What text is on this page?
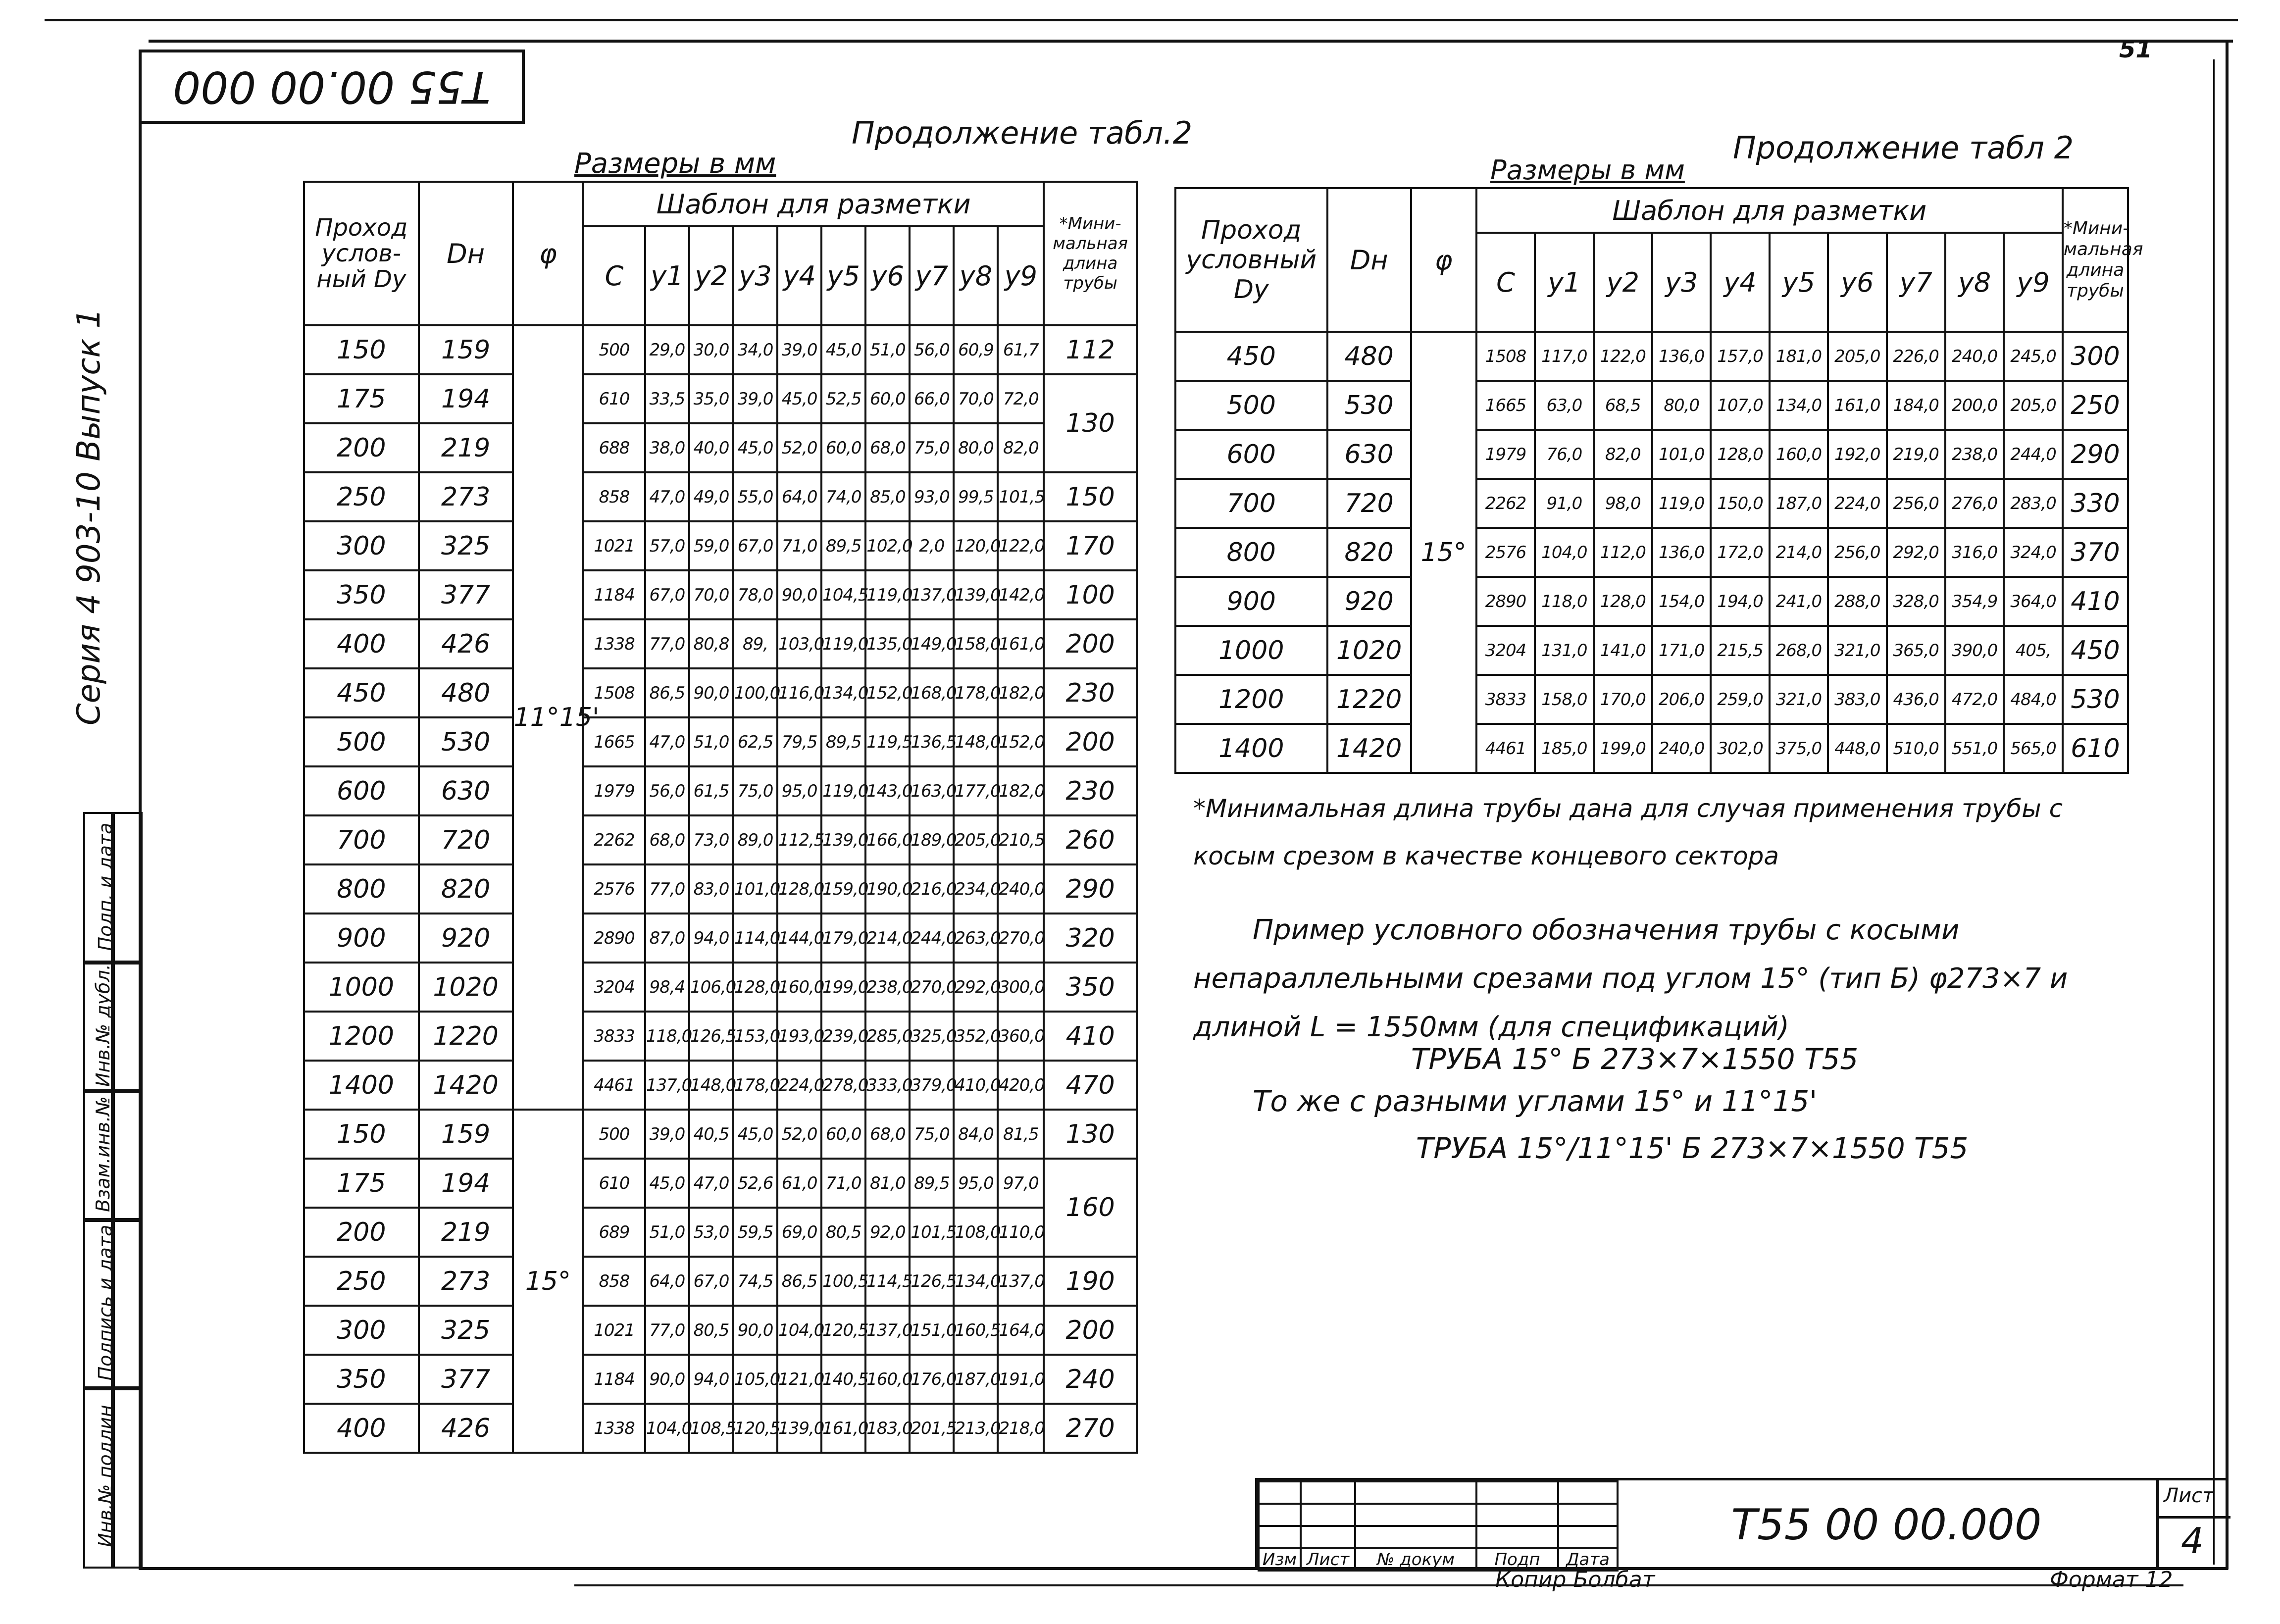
51
Т55 00.00 000
Серия 4 903-10 Выпуск 1
Подп. и дата
Инв.№ дубл.
Взам.инв.№
Подпись и дата
Инв.№ подлин
Продолжение табл.2
Размеры в мм
Проход услов-ный Dy	Dн	φ	Шаблон для разметки										*Мини-мальная длина трубы
			С	y1	y2	y3	y4	y5	y6	y7	y8	y9	
150	159	11°15'	500	29,0	30,0	34,0	39,0	45,0	51,0	56,0	60,9	61,7	112
175	194		610	33,5	35,0	39,0	45,0	52,5	60,0	66,0	70,0	72,0	130
200	219		688	38,0	40,0	45,0	52,0	60,0	68,0	75,0	80,0	82,0	
250	273		858	47,0	49,0	55,0	64,0	74,0	85,0	93,0	99,5	101,5	150
300	325		1021	57,0	59,0	67,0	71,0	89,5	102,0	2,0	120,0	122,0	170
350	377		1184	67,0	70,0	78,0	90,0	104,5	119,0	137,0	139,0	142,0	100
400	426		1338	77,0	80,8	89,	103,0	119,0	135,0	149,0	158,0	161,0	200
450	480		1508	86,5	90,0	100,0	116,0	134,0	152,0	168,0	178,0	182,0	230
500	530		1665	47,0	51,0	62,5	79,5	89,5	119,5	136,5	148,0	152,0	200
600	630		1979	56,0	61,5	75,0	95,0	119,0	143,0	163,0	177,0	182,0	230
700	720		2262	68,0	73,0	89,0	112,5	139,0	166,0	189,0	205,0	210,5	260
800	820		2576	77,0	83,0	101,0	128,0	159,0	190,0	216,0	234,0	240,0	290
900	920		2890	87,0	94,0	114,0	144,0	179,0	214,0	244,0	263,0	270,0	320
1000	1020		3204	98,4	106,0	128,0	160,0	199,0	238,0	270,0	292,0	300,0	350
1200	1220		3833	118,0	126,5	153,0	193,0	239,0	285,0	325,0	352,0	360,0	410
1400	1420		4461	137,0	148,0	178,0	224,0	278,0	333,0	379,0	410,0	420,0	470
150	159	15°	500	39,0	40,5	45,0	52,0	60,0	68,0	75,0	84,0	81,5	130
175	194		610	45,0	47,0	52,6	61,0	71,0	81,0	89,5	95,0	97,0	160
200	219		689	51,0	53,0	59,5	69,0	80,5	92,0	101,5	108,0	110,0	
250	273		858	64,0	67,0	74,5	86,5	100,5	114,5	126,5	134,0	137,0	190
300	325		1021	77,0	80,5	90,0	104,0	120,5	137,0	151,0	160,5	164,0	200
350	377		1184	90,0	94,0	105,0	121,0	140,5	160,0	176,0	187,0	191,0	240
400	426		1338	104,0	108,5	120,5	139,0	161,0	183,0	201,5	213,0	218,0	270
Продолжение табл 2
Размеры в мм
Проход условный Dy	Dн	φ	Шаблон для разметки										*Мини-мальная длина трубы
			С	y1	y2	y3	y4	y5	y6	y7	y8	y9	
450	480	15°	1508	117,0	122,0	136,0	157,0	181,0	205,0	226,0	240,0	245,0	300
500	530		1665	63,0	68,5	80,0	107,0	134,0	161,0	184,0	200,0	205,0	250
600	630		1979	76,0	82,0	101,0	128,0	160,0	192,0	219,0	238,0	244,0	290
700	720		2262	91,0	98,0	119,0	150,0	187,0	224,0	256,0	276,0	283,0	330
800	820		2576	104,0	112,0	136,0	172,0	214,0	256,0	292,0	316,0	324,0	370
900	920		2890	118,0	128,0	154,0	194,0	241,0	288,0	328,0	354,9	364,0	410
1000	1020		3204	131,0	141,0	171,0	215,5	268,0	321,0	365,0	390,0	405,	450
1200	1220		3833	158,0	170,0	206,0	259,0	321,0	383,0	436,0	472,0	484,0	530
1400	1420		4461	185,0	199,0	240,0	302,0	375,0	448,0	510,0	551,0	565,0	610
*Минимальная длина трубы дана для случая применения трубы с косым срезом в качестве концевого сектора
Пример условного обозначения трубы с косыми непараллельными срезами под углом 15° (тип Б) φ273×7 и длиной L = 1550мм (для спецификаций)
ТРУБА 15° Б 273×7×1550 Т55
То же с разными углами 15° и 11°15'
ТРУБА 15°/11°15' Б 273×7×1550 Т55

Изм	Лист	№ докум	Подп	Дата
Т55 00 00.000
Лист
4
Копир Болбат	Формат 12
